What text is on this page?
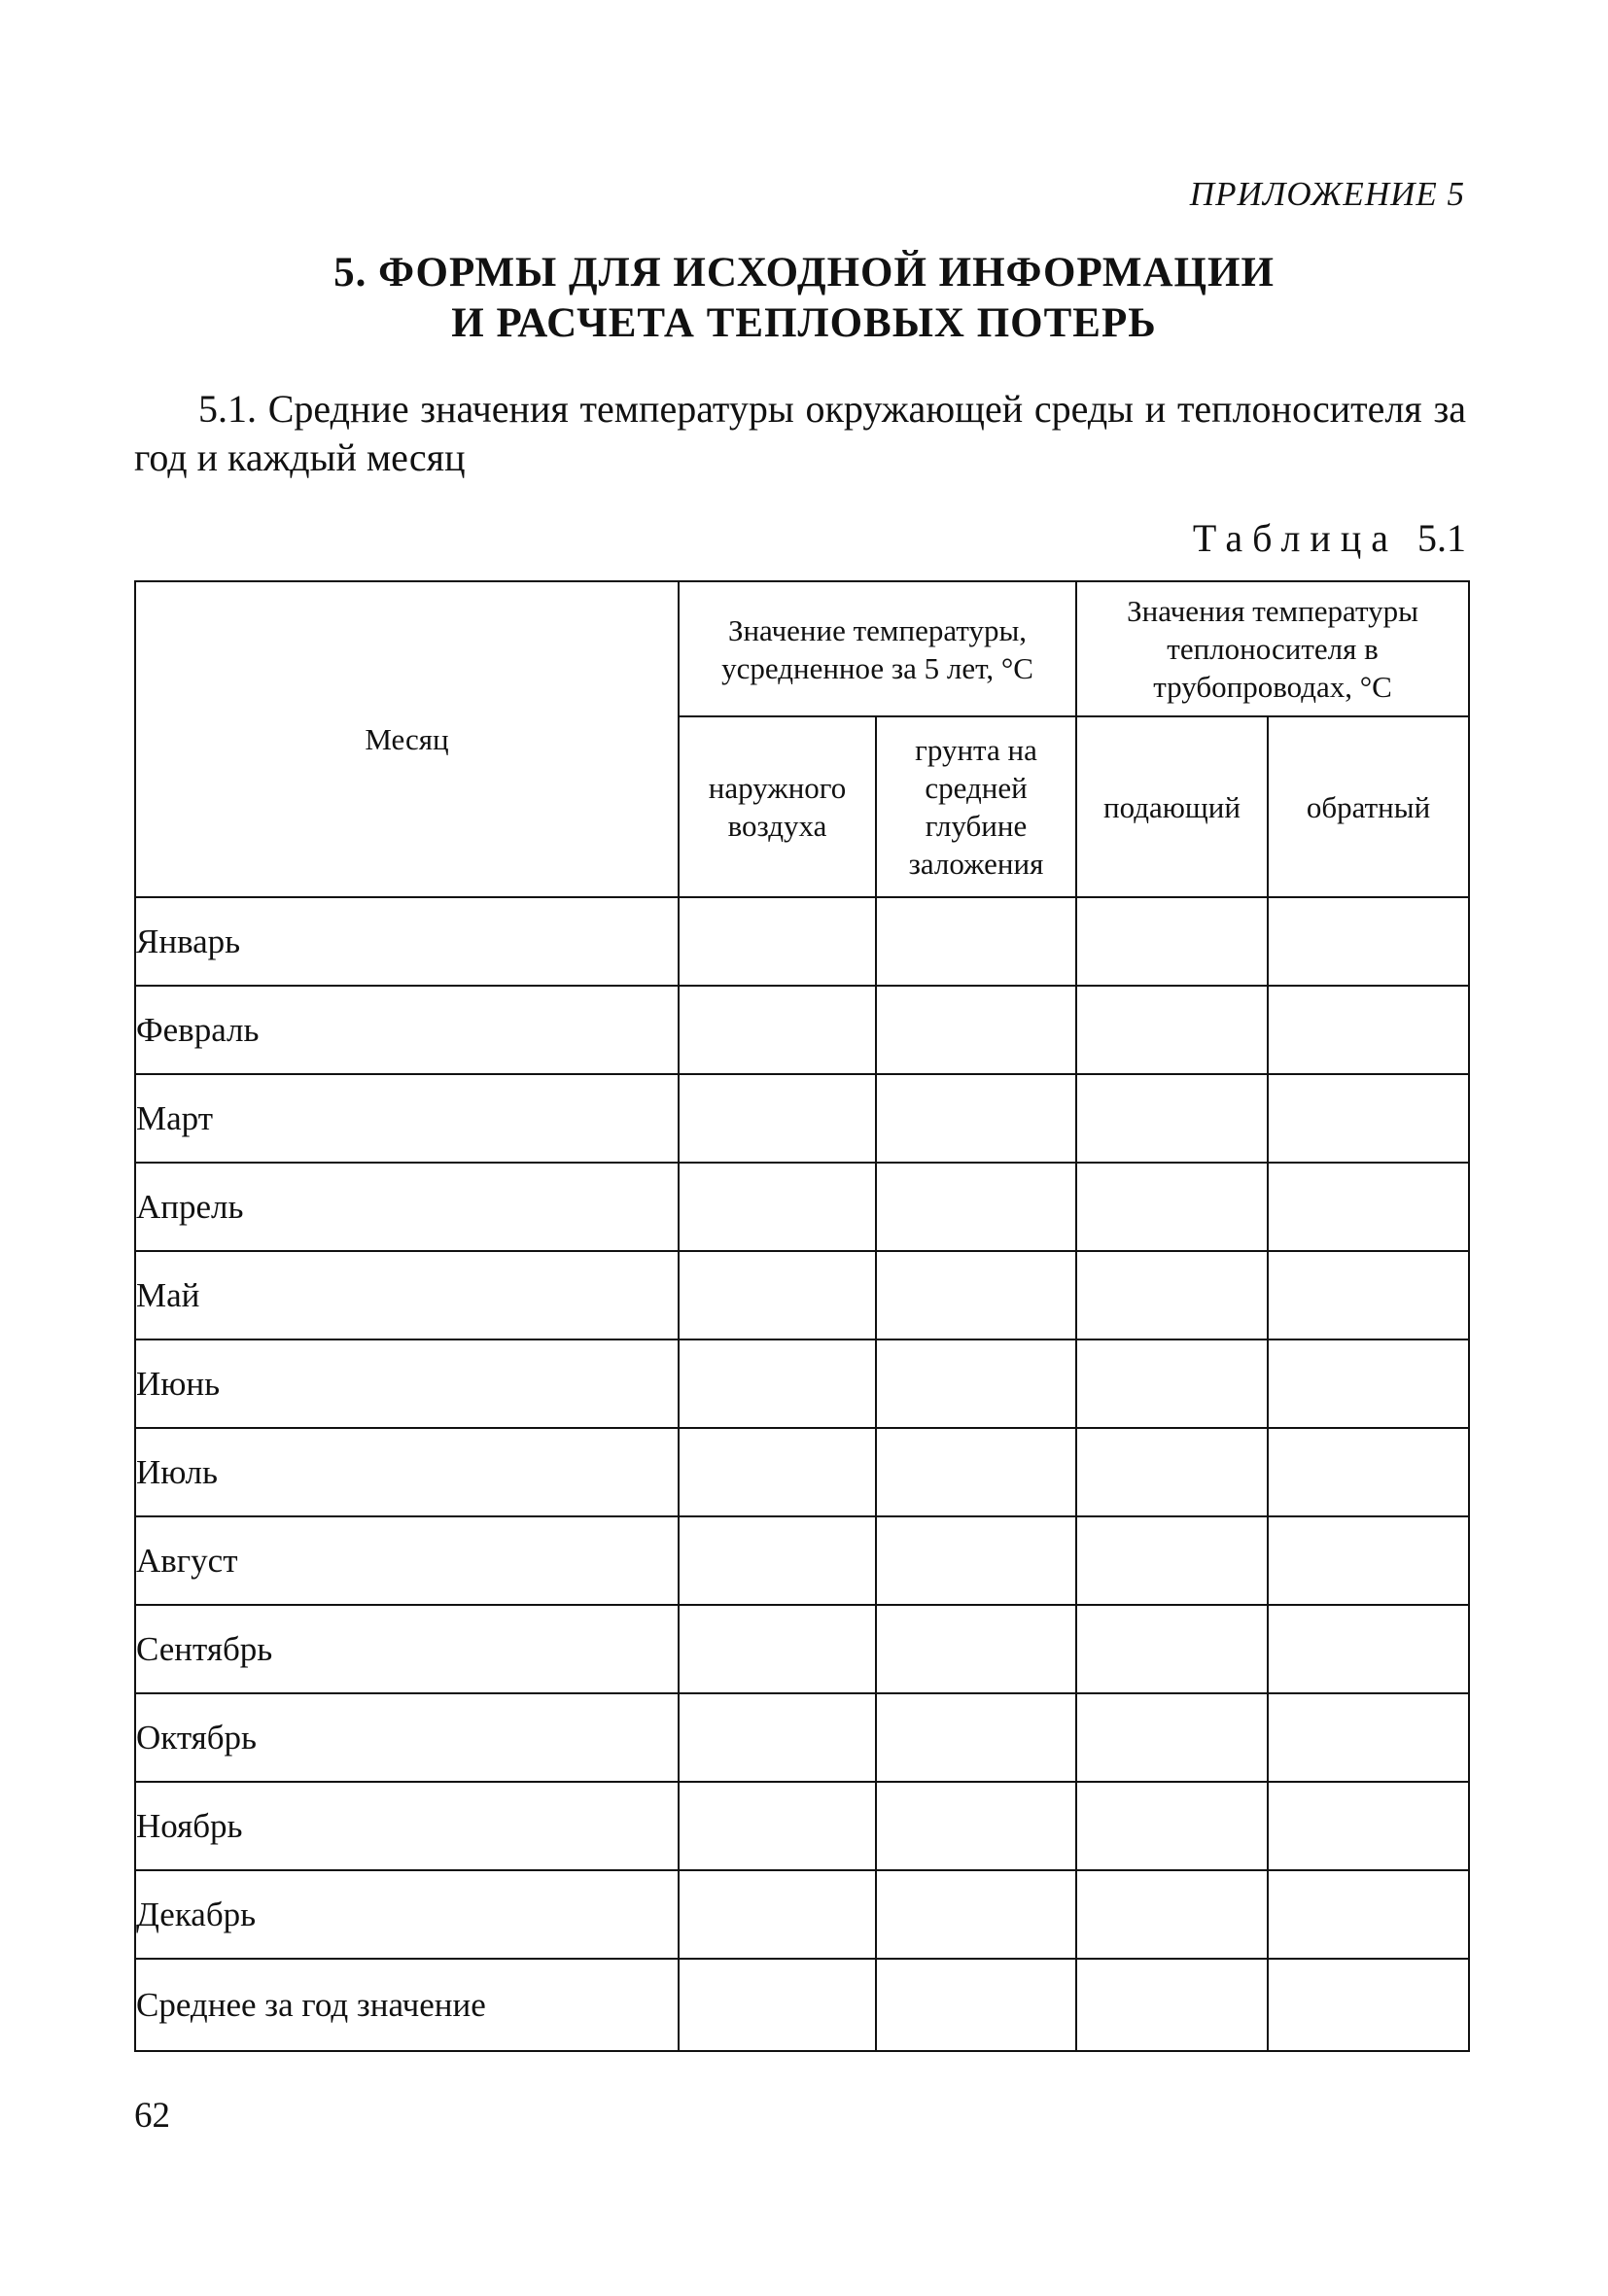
ПРИЛОЖЕНИЕ 5
5. ФОРМЫ ДЛЯ ИСХОДНОЙ ИНФОРМАЦИИ
И РАСЧЕТА ТЕПЛОВЫХ ПОТЕРЬ
5.1. Средние значения температуры окружающей среды и теплоносителя за год и каждый месяц
Таблица 5.1
Месяц	Значение температуры, усредненное за 5 лет, °С		Значения температуры теплоносителя в трубопроводах, °С	
	наружного воздуха	грунта на средней глубине заложения	подающий	обратный
Январь				
Февраль				
Март				
Апрель				
Май				
Июнь				
Июль				
Август				
Сентябрь				
Октябрь				
Ноябрь				
Декабрь				
Среднее за год значение				
62
